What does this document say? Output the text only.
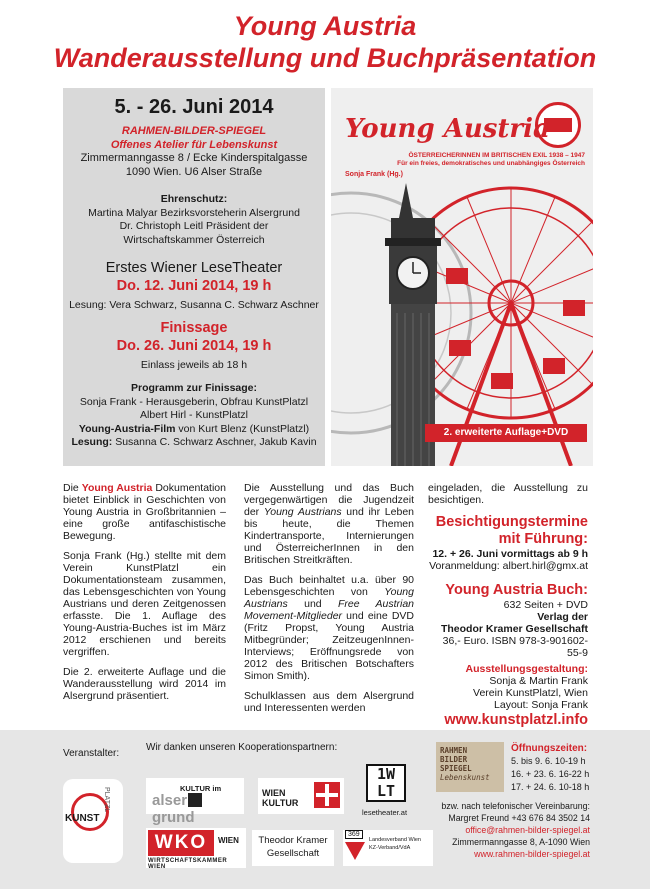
Young Austria
Wanderausstellung und Buchpräsentation
5. - 26. Juni 2014
RAHMEN-BILDER-SPIEGEL
Offenes Atelier für Lebenskunst
Zimmermanngasse 8 / Ecke Kinderspitalgasse
1090 Wien. U6 Alser Straße
Ehrenschutz:
Martina Malyar Bezirksvorsteherin Alsergrund
Dr. Christoph Leitl Präsident der
Wirtschaftskammer Österreich
Erstes Wiener LeseTheater
Do. 12. Juni 2014, 19 h
Lesung: Vera Schwarz, Susanna C. Schwarz Aschner
Finissage
Do. 26. Juni 2014, 19 h
Einlass jeweils ab 18 h
Programm zur Finissage:
Sonja Frank - Herausgeberin, Obfrau KunstPlatzl
Albert Hirl - KunstPlatzl
Young-Austria-Film von Kurt Blenz (KunstPlatzl)
Lesung: Susanna C. Schwarz Aschner, Jakub Kavin
Young Austria
ÖSTERREICHERINNEN IM BRITISCHEN EXIL 1938 – 1947
Für ein freies, demokratisches und unabhängiges Österreich
Sonja Frank (Hg.)
2. erweiterte Auflage+DVD

Die Young Austria Dokumentation bietet Einblick in Geschichten von Young Austria in Großbritannien – eine große antifaschistische Bewegung.

Sonja Frank (Hg.) stellte mit dem Verein KunstPlatzl ein Dokumentationsteam zusammen, das Lebensgeschichten von Young Austrians und deren Zeitgenossen erfasste. Die 1. Auflage des Young-Austria-Buches ist im März 2012 erschienen und bereits vergriffen.

Die 2. erweiterte Auflage und die Wanderausstellung wird 2014 im Alsergrund präsentiert.

Die Ausstellung und das Buch vergegenwärtigen die Jugendzeit der Young Austrians und ihr Leben bis heute, die Themen Kindertransporte, Internierungen und ÖsterreicherInnen in den Britischen Streitkräften.

Das Buch beinhaltet u.a. über 90 Lebensgeschichten von Young Austrians und Free Austrian Movement-Mitglieder und eine DVD (Fritz Propst, Young Austria Mitbegründer; ZeitzeugenInnen-Interviews; Eröffnungsrede von 2012 des Britischen Botschafters Simon Smith).

Schulklassen aus dem Alsergrund und Interessenten werden

eingeladen, die Ausstellung zu besichtigen.

Besichtigungstermine mit Führung:
12. + 26. Juni vormittags ab 9 h
Voranmeldung: albert.hirl@gmx.at
Young Austria Buch:
632 Seiten + DVD
Verlag der
Theodor Kramer Gesellschaft
36,- Euro. ISBN 978-3-901602-55-9
Ausstellungsgestaltung:
Sonja & Martin Frank
Verein KunstPlatzl, Wien
Layout: Sonja Frank
www.kunstplatzl.info
Veranstalter:
Wir danken unseren Kooperationspartnern:
KUNST
PLATZL	KULTUR im
alsergrund
WIEN KULTUR
1W
LT
lesetheater.at
WKO	WIEN
WIRTSCHAFTSKAMMER WIEN
Theodor Kramer
Gesellschaft
369
Landesverband Wien
KZ-Verband/VdA
RAHMEN
BILDER
SPIEGEL
Lebenskunst
Öffnungszeiten:
5. bis 9. 6. 10-19 h
16. + 23. 6. 16-22 h
17. + 24. 6. 10-18 h
bzw. nach telefonischer Vereinbarung:
Margret Freund +43 676 84 3502 14
office@rahmen-bilder-spiegel.at
Zimmermanngasse 8, A-1090 Wien
www.rahmen-bilder-spiegel.at
